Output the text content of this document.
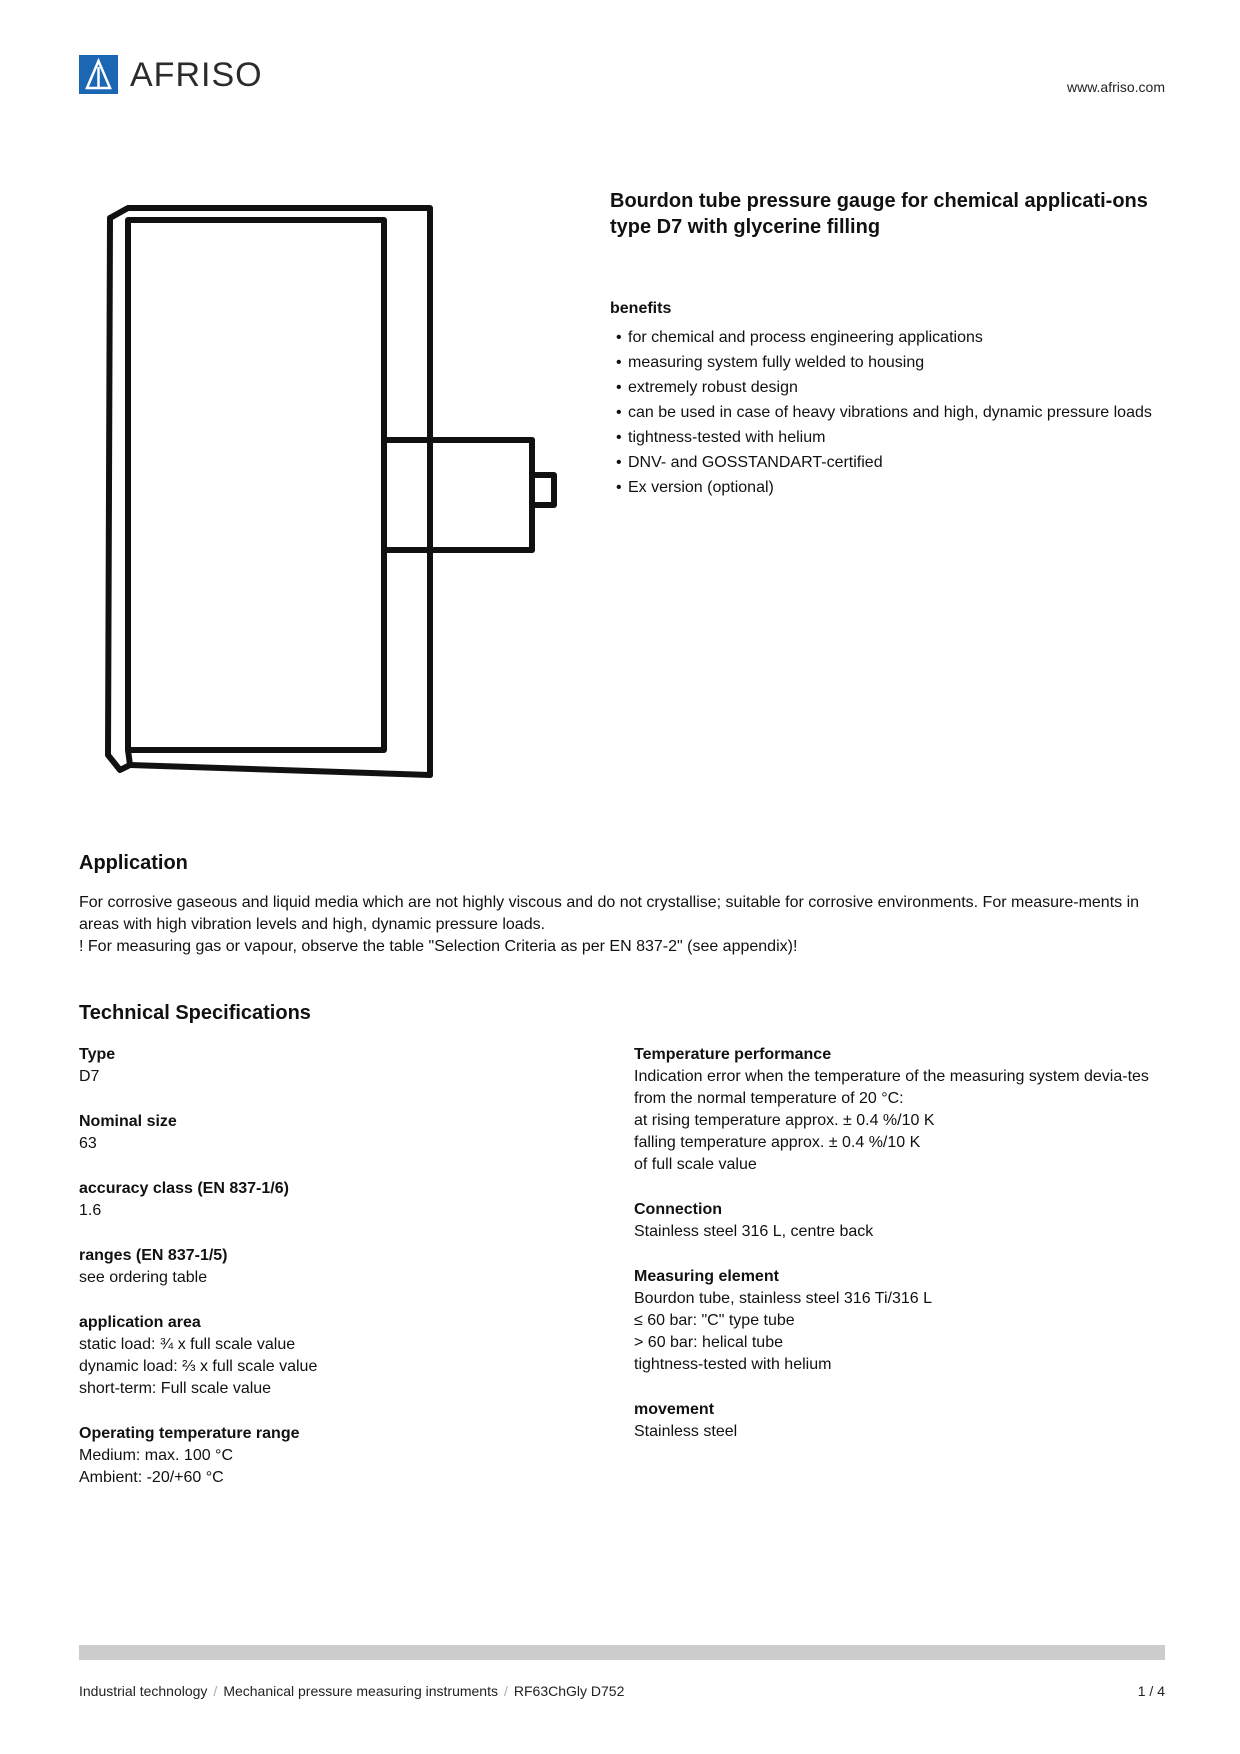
AFRISO	www.afriso.com
Bourdon tube pressure gauge for chemical applicati-ons type D7 with glycerine filling
benefits
• for chemical and process engineering applications
• measuring system fully welded to housing
• extremely robust design
• can be used in case of heavy vibrations and high, dynamic pressure loads
• tightness-tested with helium
• DNV- and GOSSTANDART-certified
• Ex version (optional)
Application

For corrosive gaseous and liquid media which are not highly viscous and do not crystallise; suitable for corrosive environments. For measure-ments in areas with high vibration levels and high, dynamic pressure loads.

! For measuring gas or vapour, observe the table "Selection Criteria as per EN 837-2" (see appendix)!

Technical Specifications
Type
D7
Nominal size
63
accuracy class (EN 837-1/6)
1.6
ranges (EN 837-1/5)
see ordering table
application area
static load: ¾ x full scale value
dynamic load: ⅔ x full scale value
short-term: Full scale value
Operating temperature range
Medium: max. 100 °C
Ambient: -20/+60 °C
Temperature performance
Indication error when the temperature of the measuring system devia-tes from the normal temperature of 20 °C:
at rising temperature approx. ± 0.4 %/10 K
falling temperature approx. ± 0.4 %/10 K
of full scale value
Connection
Stainless steel 316 L, centre back
Measuring element
Bourdon tube, stainless steel 316 Ti/316 L
≤ 60 bar: "C" type tube
> 60 bar: helical tube
tightness-tested with helium
movement
Stainless steel
Industrial technology / Mechanical pressure measuring instruments / RF63ChGly D752	1 / 4
